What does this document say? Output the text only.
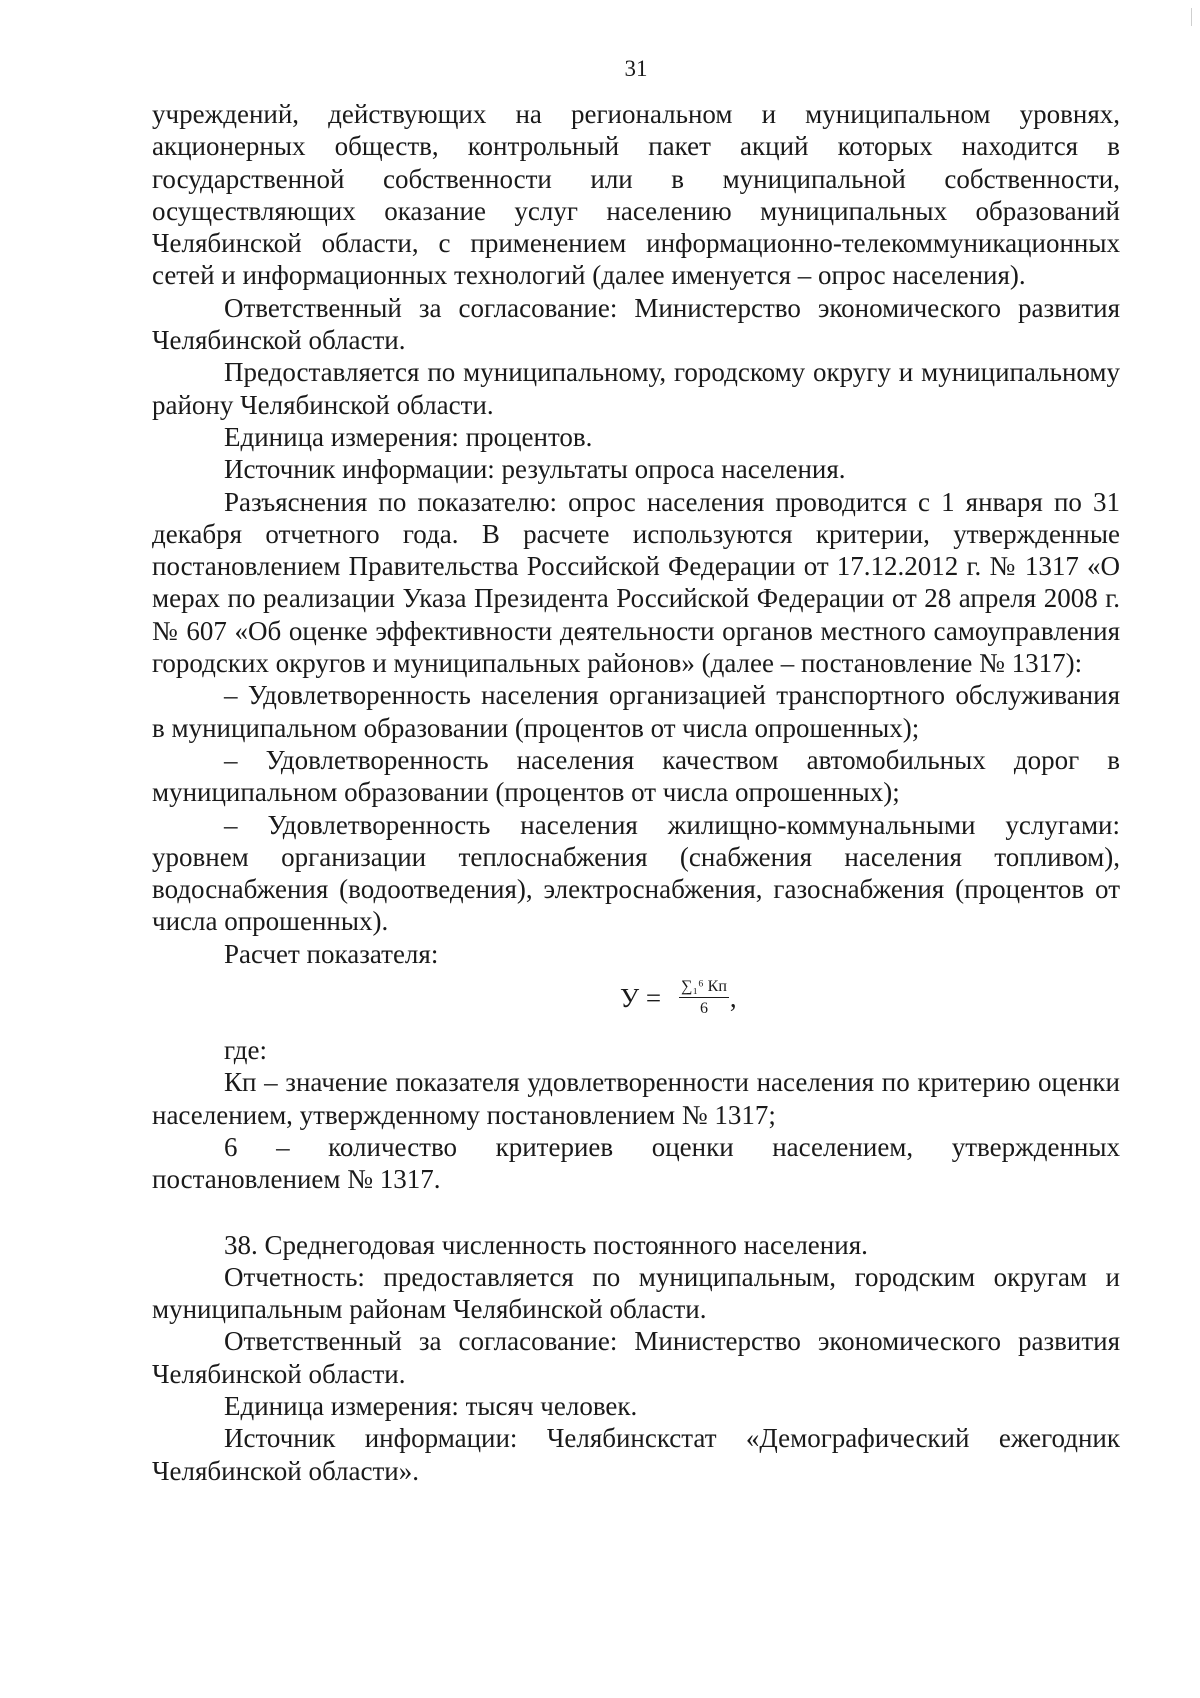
31

учреждений, действующих на региональном и муниципальном уровнях, акционерных обществ, контрольный пакет акций которых находится в государственной собственности или в муниципальной собственности, осуществляющих оказание услуг населению муниципальных образований Челябинской области, с применением информационно-телекоммуникационных сетей и информационных технологий (далее именуется – опрос населения).

Ответственный за согласование: Министерство экономического развития Челябинской области.

Предоставляется по муниципальному, городскому округу и муниципальному району Челябинской области.

Единица измерения: процентов.

Источник информации: результаты опроса населения.

Разъяснения по показателю: опрос населения проводится с 1 января по 31 декабря отчетного года. В расчете используются критерии, утвержденные постановлением Правительства Российской Федерации от 17.12.2012 г. № 1317 «О мерах по реализации Указа Президента Российской Федерации от 28 апреля 2008 г. № 607 «Об оценке эффективности деятельности органов местного самоуправления городских округов и муниципальных районов» (далее – постановление № 1317):

– Удовлетворенность населения организацией транспортного обслуживания в муниципальном образовании (процентов от числа опрошенных);

– Удовлетворенность населения качеством автомобильных дорог в муниципальном образовании (процентов от числа опрошенных);

– Удовлетворенность населения жилищно-коммунальными услугами: уровнем организации теплоснабжения (снабжения населения топливом), водоснабжения (водоотведения), электроснабжения, газоснабжения (процентов от числа опрошенных).

Расчет показателя:

$У = \frac{\text{∑₁⁶ Кп}}{6}$ ,

где:

Кп – значение показателя удовлетворенности населения по критерию оценки населением, утвержденному постановлением № 1317;

6 – количество критериев оценки населением, утвержденных постановлением № 1317.

38. Среднегодовая численность постоянного населения.

Отчетность: предоставляется по муниципальным, городским округам и муниципальным районам Челябинской области.

Ответственный за согласование: Министерство экономического развития Челябинской области.

Единица измерения: тысяч человек.

Источник информации: Челябинскстат «Демографический ежегодник Челябинской области».
